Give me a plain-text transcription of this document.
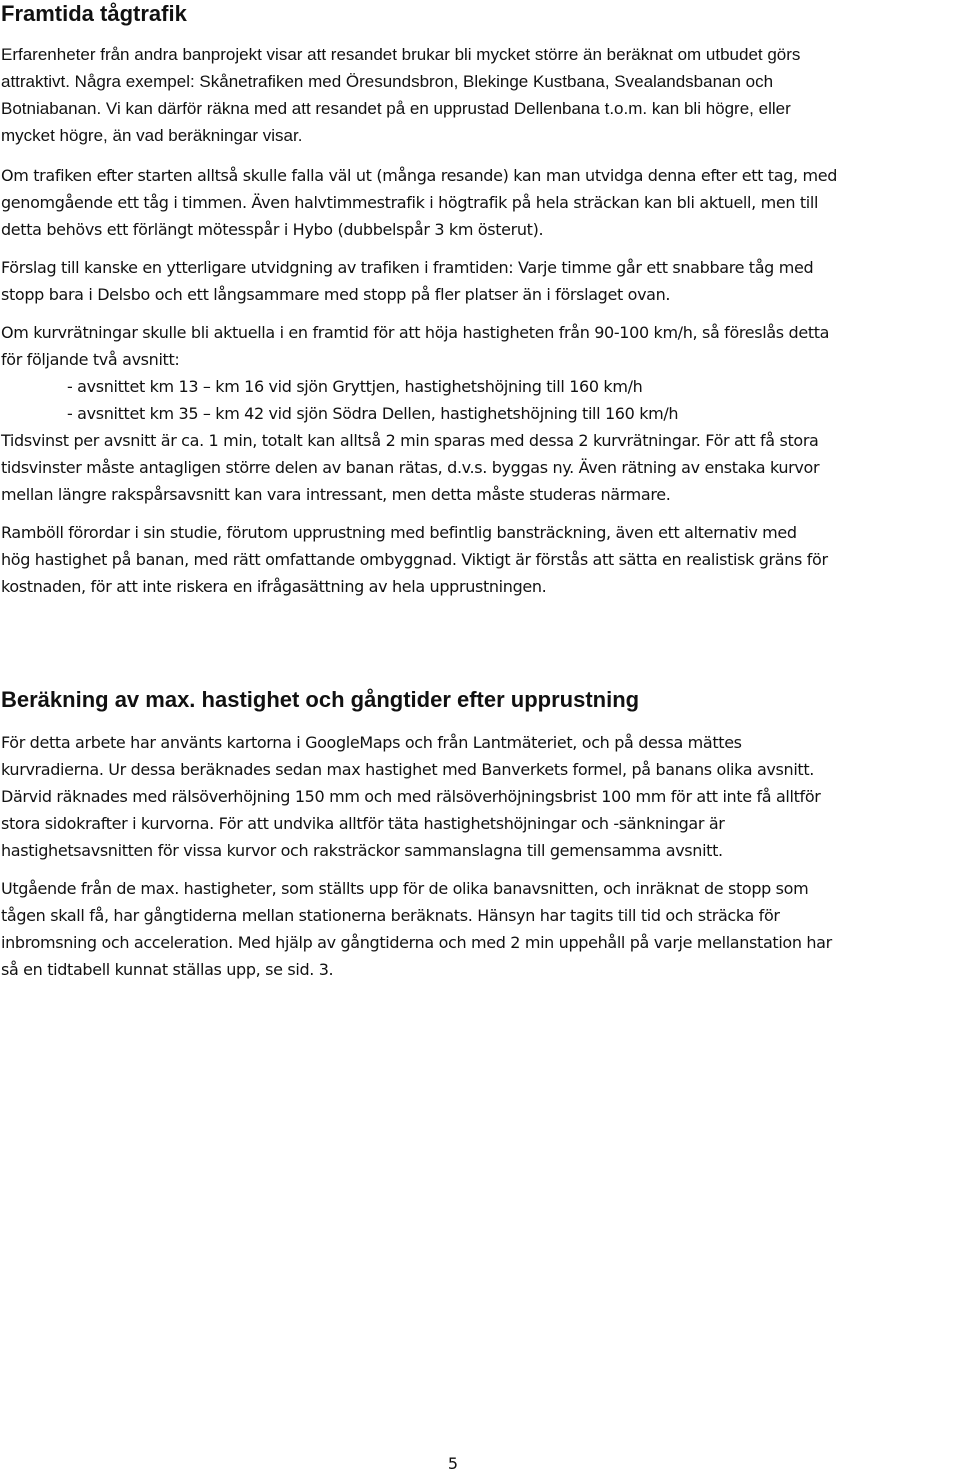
Framtida tågtrafik

Erfarenheter från andra banprojekt visar att resandet brukar bli mycket större än beräknat om utbudet görs
attraktivt. Några exempel: Skånetrafiken med Öresundsbron, Blekinge Kustbana, Svealandsbanan och
Botniabanan. Vi kan därför räkna med att resandet på en upprustad Dellenbana t.o.m. kan bli högre, eller
mycket högre, än vad beräkningar visar.

Om trafiken efter starten alltså skulle falla väl ut (många resande) kan man utvidga denna efter ett tag, med
genomgående ett tåg i timmen. Även halvtimmestrafik i högtrafik på hela sträckan kan bli aktuell, men till
detta behövs ett förlängt mötesspår i Hybo (dubbelspår 3 km österut).

Förslag till kanske en ytterligare utvidgning av trafiken i framtiden: Varje timme går ett snabbare tåg med
stopp bara i Delsbo och ett långsammare med stopp på fler platser än i förslaget ovan.

Om kurvrätningar skulle bli aktuella i en framtid för att höja hastigheten från 90-100 km/h, så föreslås detta
för följande två avsnitt:
- avsnittet km 13 – km 16 vid sjön Gryttjen, hastighetshöjning till 160 km/h
- avsnittet km 35 – km 42 vid sjön Södra Dellen, hastighetshöjning till 160 km/h
Tidsvinst per avsnitt är ca. 1 min, totalt kan alltså 2 min sparas med dessa 2 kurvrätningar. För att få stora
tidsvinster måste antagligen större delen av banan rätas, d.v.s. byggas ny. Även rätning av enstaka kurvor
mellan längre rakspårsavsnitt kan vara intressant, men detta måste studeras närmare.

Ramböll förordar i sin studie, förutom upprustning med befintlig bansträckning, även ett alternativ med
hög hastighet på banan, med rätt omfattande ombyggnad. Viktigt är förstås att sätta en realistisk gräns för
kostnaden, för att inte riskera en ifrågasättning av hela upprustningen.

Beräkning av max. hastighet och gångtider efter upprustning

För detta arbete har använts kartorna i GoogleMaps och från Lantmäteriet, och på dessa mättes
kurvradierna. Ur dessa beräknades sedan max hastighet med Banverkets formel, på banans olika avsnitt.
Därvid räknades med rälsöverhöjning 150 mm och med rälsöverhöjningsbrist 100 mm för att inte få alltför
stora sidokrafter i kurvorna. För att undvika alltför täta hastighetshöjningar och -sänkningar är
hastighetsavsnitten för vissa kurvor och raksträckor sammanslagna till gemensamma avsnitt.

Utgående från de max. hastigheter, som ställts upp för de olika banavsnitten, och inräknat de stopp som
tågen skall få, har gångtiderna mellan stationerna beräknats. Hänsyn har tagits till tid och sträcka för
inbromsning och acceleration. Med hjälp av gångtiderna och med 2 min uppehåll på varje mellanstation har
så en tidtabell kunnat ställas upp, se sid. 3.

5
